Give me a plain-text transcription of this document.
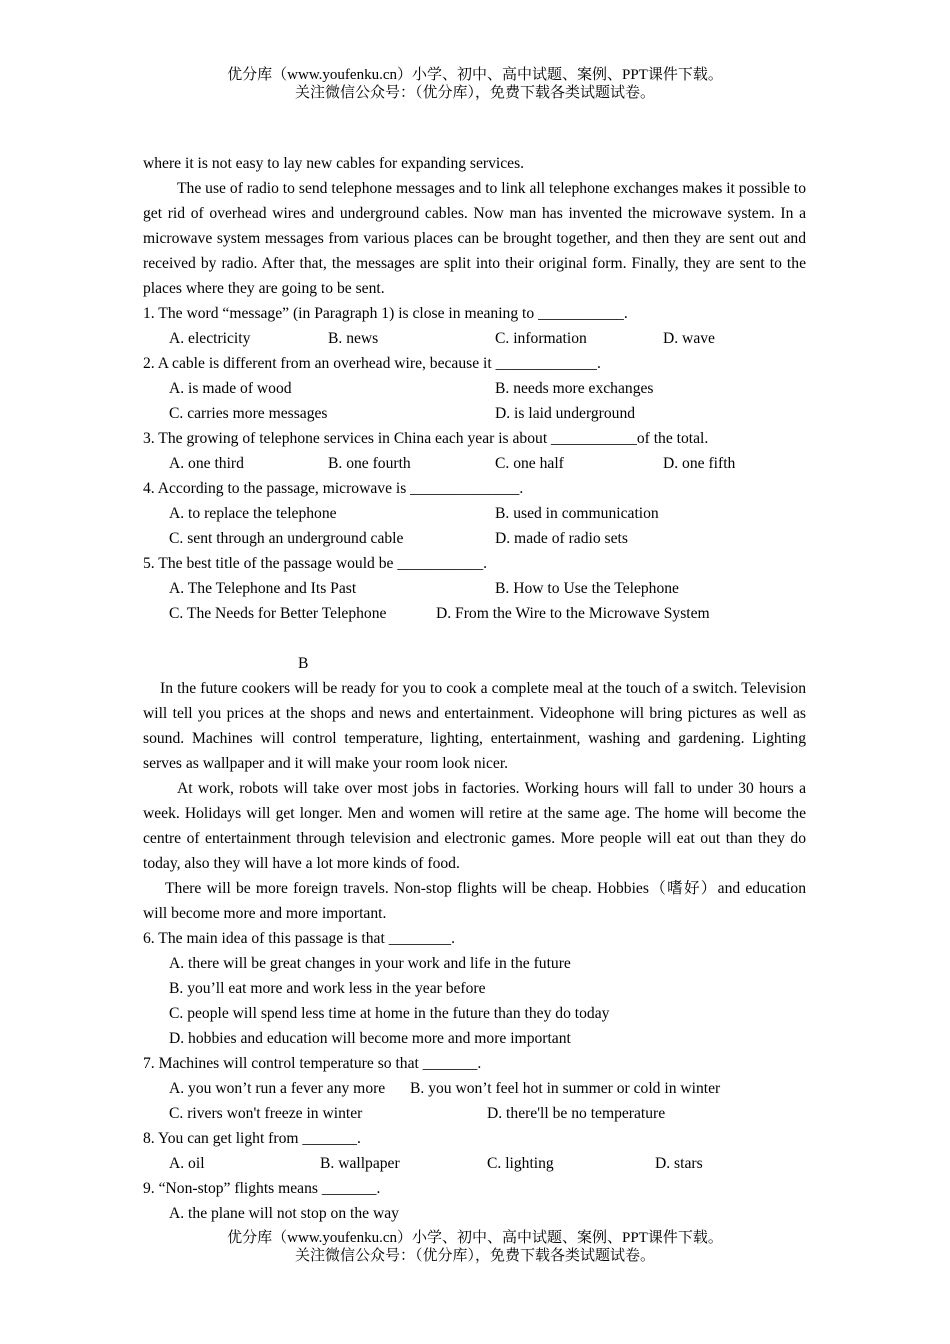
优分库（www.youfenku.cn）小学、初中、高中试题、案例、PPT课件下载。
关注微信公众号：（优分库），免费下载各类试题试卷。

where it is not easy to lay new cables for expanding services.

The use of radio to send telephone messages and to link all telephone exchanges makes it possible to get rid of overhead wires and underground cables. Now man has invented the microwave system. In a microwave system messages from various places can be brought together, and then they are sent out and received by radio. After that, the messages are split into their original form. Finally, they are sent to the places where they are going to be sent.

1. The word “message” (in Paragraph 1) is close in meaning to ___________.

A. electricity	B. news	C. information	D. wave

2. A cable is different from an overhead wire, because it _____________.

A. is made of wood	B. needs more exchanges
C. carries more messages	D. is laid underground

3. The growing of telephone services in China each year is about ___________of the total.

A. one third	B. one fourth	C. one half	D. one fifth

4. According to the passage, microwave is ______________.

A. to replace the telephone	B. used in communication
C. sent through an underground cable	D. made of radio sets

5. The best title of the passage would be ___________.

A. The Telephone and Its Past	B. How to Use the Telephone
C. The Needs for Better Telephone	D. From the Wire to the Microwave System
B

In the future cookers will be ready for you to cook a complete meal at the touch of a switch. Television will tell you prices at the shops and news and entertainment. Videophone will bring pictures as well as sound. Machines will control temperature, lighting, entertainment, washing and gardening. Lighting serves as wallpaper and it will make your room look nicer.

At work, robots will take over most jobs in factories. Working hours will fall to under 30 hours a week. Holidays will get longer. Men and women will retire at the same age. The home will become the centre of entertainment through television and electronic games. More people will eat out than they do today, also they will have a lot more kinds of food.

There will be more foreign travels. Non-stop flights will be cheap. Hobbies（嗜好）and education will become more and more important.

6. The main idea of this passage is that ________.

A. there will be great changes in your work and life in the future
B. you’ll eat more and work less in the year before
C. people will spend less time at home in the future than they do today
D. hobbies and education will become more and more important

7. Machines will control temperature so that _______.

A. you won’t run a fever any more B. you won’t feel hot in summer or cold in winter
C. rivers won't freeze in winter	D. there'll be no temperature

8. You can get light from _______.

A. oil	B. wallpaper	C. lighting	D. stars

9. “Non-stop” flights means _______.

A. the plane will not stop on the way
优分库（www.youfenku.cn）小学、初中、高中试题、案例、PPT课件下载。
关注微信公众号：（优分库），免费下载各类试题试卷。
